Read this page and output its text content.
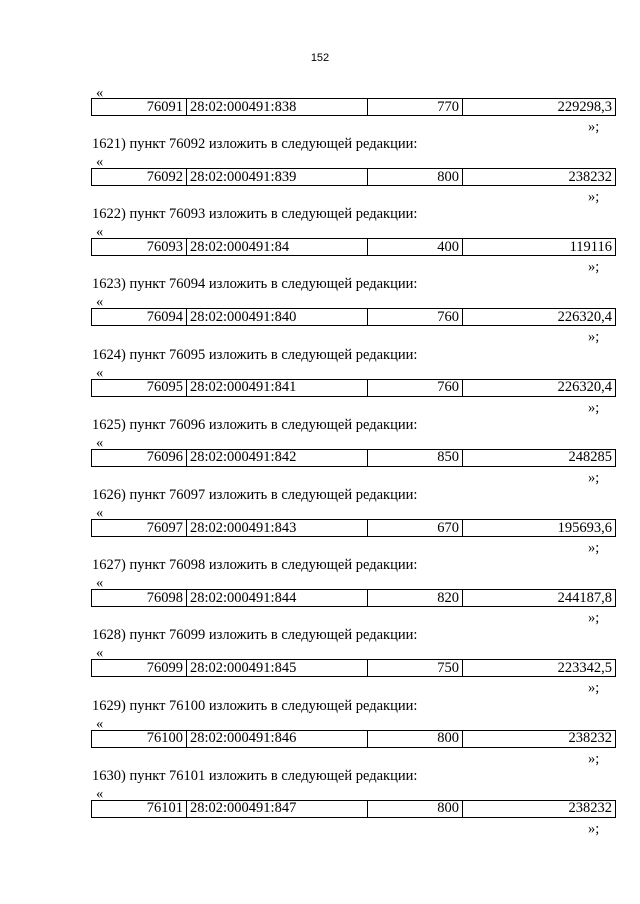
152
«
76091	28:02:000491:838	770	229298,3
»;
1621) пункт 76092 изложить в следующей редакции:
«
76092	28:02:000491:839	800	238232
»;
1622) пункт 76093 изложить в следующей редакции:
«
76093	28:02:000491:84	400	119116
»;
1623) пункт 76094 изложить в следующей редакции:
«
76094	28:02:000491:840	760	226320,4
»;
1624) пункт 76095 изложить в следующей редакции:
«
76095	28:02:000491:841	760	226320,4
»;
1625) пункт 76096 изложить в следующей редакции:
«
76096	28:02:000491:842	850	248285
»;
1626) пункт 76097 изложить в следующей редакции:
«
76097	28:02:000491:843	670	195693,6
»;
1627) пункт 76098 изложить в следующей редакции:
«
76098	28:02:000491:844	820	244187,8
»;
1628) пункт 76099 изложить в следующей редакции:
«
76099	28:02:000491:845	750	223342,5
»;
1629) пункт 76100 изложить в следующей редакции:
«
76100	28:02:000491:846	800	238232
»;
1630) пункт 76101 изложить в следующей редакции:
«
76101	28:02:000491:847	800	238232
»;
